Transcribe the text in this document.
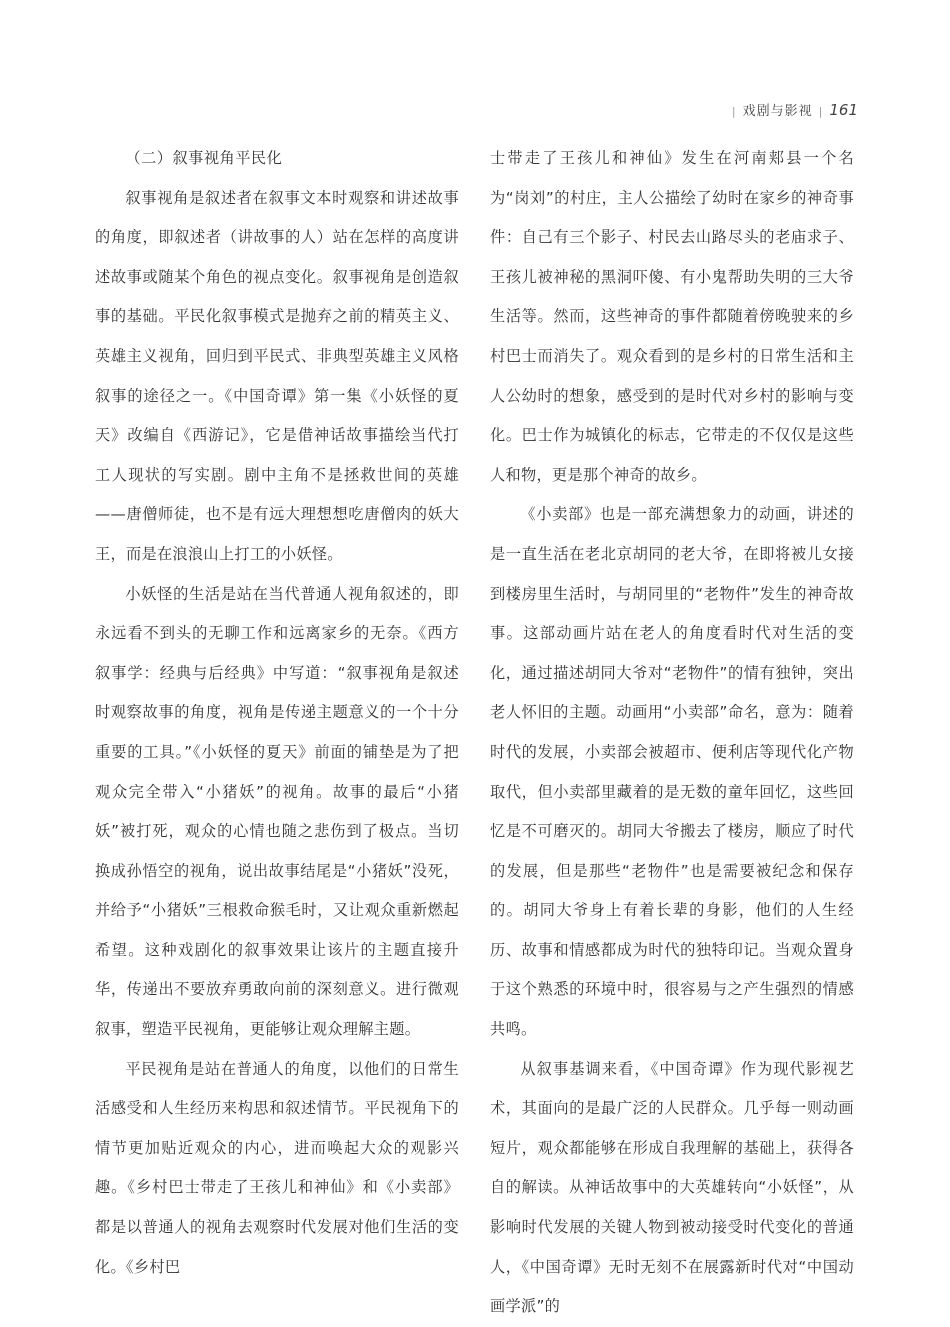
| 戏剧与影视 | 161
（二）叙事视角平民化

叙事视角是叙述者在叙事文本时观察和讲述故事的角度，即叙述者（讲故事的人）站在怎样的高度讲述故事或随某个角色的视点变化。叙事视角是创造叙事的基础。平民化叙事模式是抛弃之前的精英主义、英雄主义视角，回归到平民式、非典型英雄主义风格叙事的途径之一。《中国奇谭》第一集《小妖怪的夏天》改编自《西游记》，它是借神话故事描绘当代打工人现状的写实剧。剧中主角不是拯救世间的英雄——唐僧师徒，也不是有远大理想想吃唐僧肉的妖大王，而是在浪浪山上打工的小妖怪。

小妖怪的生活是站在当代普通人视角叙述的，即永远看不到头的无聊工作和远离家乡的无奈。《西方叙事学：经典与后经典》中写道：“叙事视角是叙述时观察故事的角度，视角是传递主题意义的一个十分重要的工具。”《小妖怪的夏天》前面的铺垫是为了把观众完全带入“小猪妖”的视角。故事的最后“小猪妖”被打死，观众的心情也随之悲伤到了极点。当切换成孙悟空的视角，说出故事结尾是“小猪妖”没死，并给予“小猪妖”三根救命猴毛时，又让观众重新燃起希望。这种戏剧化的叙事效果让该片的主题直接升华，传递出不要放弃勇敢向前的深刻意义。进行微观叙事，塑造平民视角，更能够让观众理解主题。

平民视角是站在普通人的角度，以他们的日常生活感受和人生经历来构思和叙述情节。平民视角下的情节更加贴近观众的内心，进而唤起大众的观影兴趣。《乡村巴士带走了王孩儿和神仙》和《小卖部》都是以普通人的视角去观察时代发展对他们生活的变化。《乡村巴

士带走了王孩儿和神仙》发生在河南郏县一个名为“岗刘”的村庄，主人公描绘了幼时在家乡的神奇事件：自己有三个影子、村民去山路尽头的老庙求子、王孩儿被神秘的黑洞吓傻、有小鬼帮助失明的三大爷生活等。然而，这些神奇的事件都随着傍晚驶来的乡村巴士而消失了。观众看到的是乡村的日常生活和主人公幼时的想象，感受到的是时代对乡村的影响与变化。巴士作为城镇化的标志，它带走的不仅仅是这些人和物，更是那个神奇的故乡。

《小卖部》也是一部充满想象力的动画，讲述的是一直生活在老北京胡同的老大爷，在即将被儿女接到楼房里生活时，与胡同里的“老物件”发生的神奇故事。这部动画片站在老人的角度看时代对生活的变化，通过描述胡同大爷对“老物件”的情有独钟，突出老人怀旧的主题。动画用“小卖部”命名，意为：随着时代的发展，小卖部会被超市、便利店等现代化产物取代，但小卖部里藏着的是无数的童年回忆，这些回忆是不可磨灭的。胡同大爷搬去了楼房，顺应了时代的发展，但是那些“老物件”也是需要被纪念和保存的。胡同大爷身上有着长辈的身影，他们的人生经历、故事和情感都成为时代的独特印记。当观众置身于这个熟悉的环境中时，很容易与之产生强烈的情感共鸣。

从叙事基调来看，《中国奇谭》作为现代影视艺术，其面向的是最广泛的人民群众。几乎每一则动画短片，观众都能够在形成自我理解的基础上，获得各自的解读。从神话故事中的大英雄转向“小妖怪”，从影响时代发展的关键人物到被动接受时代变化的普通人，《中国奇谭》无时无刻不在展露新时代对“中国动画学派”的
